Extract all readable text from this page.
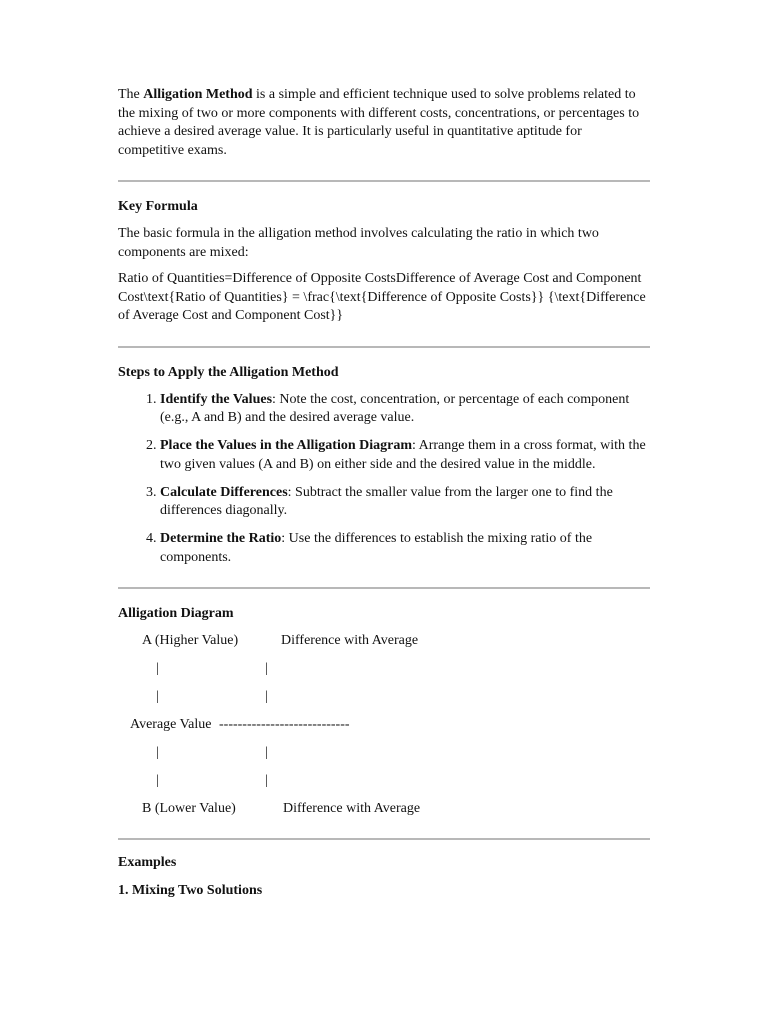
The Alligation Method is a simple and efficient technique used to solve problems related to the mixing of two or more components with different costs, concentrations, or percentages to achieve a desired average value. It is particularly useful in quantitative aptitude for competitive exams.

Key Formula

The basic formula in the alligation method involves calculating the ratio in which two components are mixed:

Ratio of Quantities=Difference of Opposite CostsDifference of Average Cost and Component Cost\text{Ratio of Quantities} = \frac{\text{Difference of Opposite Costs}} {\text{Difference of Average Cost and Component Cost}}

Steps to Apply the Alligation Method
1. Identify the Values: Note the cost, concentration, or percentage of each component (e.g., A and B) and the desired average value.
2. Place the Values in the Alligation Diagram: Arrange them in a cross format, with the two given values (A and B) on either side and the desired value in the middle.
3. Calculate Differences: Subtract the smaller value from the larger one to find the differences diagonally.
4. Determine the Ratio: Use the differences to establish the mixing ratio of the components.
Alligation Diagram
A (Higher Value)	Difference with Average
|	|
|	|
Average Value ----------------------------
|	|
|	|
B (Lower Value)	Difference with Average
Examples
1. Mixing Two Solutions
